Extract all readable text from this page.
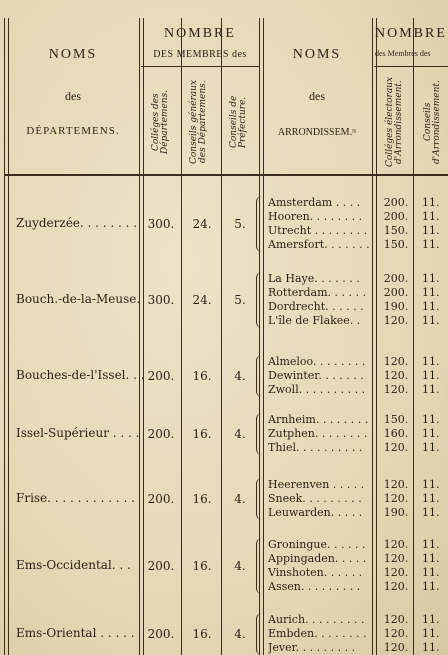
NOMS
des
DÉPARTEMENS.
NOMBRE
DES MEMBRES des
Colléges des Départemens. Conseils généraux des Départemens. Conseils de Préfecture.
NOMS
des
ARRONDISSEM.ᵗˢ
NOMBRE
des Membres des
Colléges électoraux d'Arrondissement. Conseils d'Arrondissement.
Zuyderzée. . . . . . . . 300.	24.	5.
Amsterdam . . . .	200. 11.
Hooren. . . . . . . .	200. 11.
Utrecht . . . . . . . .	150. 11.
Amersfort. . . . . . .	150. 11.
Bouch.-de-la-Meuse. 300.	24.	5.
La Haye. . . . . . .	200. 11.
Rotterdam. . . . . .	200. 11.
Dordrecht. . . . . .	190. 11.
L'île de Flakee. .	120. 11.
Bouches-de-l'Issel. . . 200.	16.	4.
Almeloo. . . . . . . .	120. 11.
Dewinter. . . . . . .	120. 11.
Zwoll. . . . . . . . . .	120. 11.
Issel-Supérieur . . . . 200.	16.	4.
Arnheim. . . . . . . .	150. 11.
Zutphen. . . . . . . .	160. 11.
Thiel. . . . . . . . . .	120. 11.
Frise. . . . . . . . . . . .	200.	16.	4.
Heerenven . . . . .	120. 11.
Sneek. . . . . . . . .	120. 11.
Leuwarden. . . . .	190. 11.
Ems-Occidental. . .	200.	16.	4.
Groningue. . . . . .	120. 11.
Appingaden. . . . .	120. 11.
Vinshoten. . . . . .	120. 11.
Assen. . . . . . . . .	120. 11.
Ems-Oriental . . . . .	200.	16.	4.
Aurich. . . . . . . . .	120. 11.
Embden. . . . . . . .	120. 11.
Jever. . . . . . . . .	120. 11.
